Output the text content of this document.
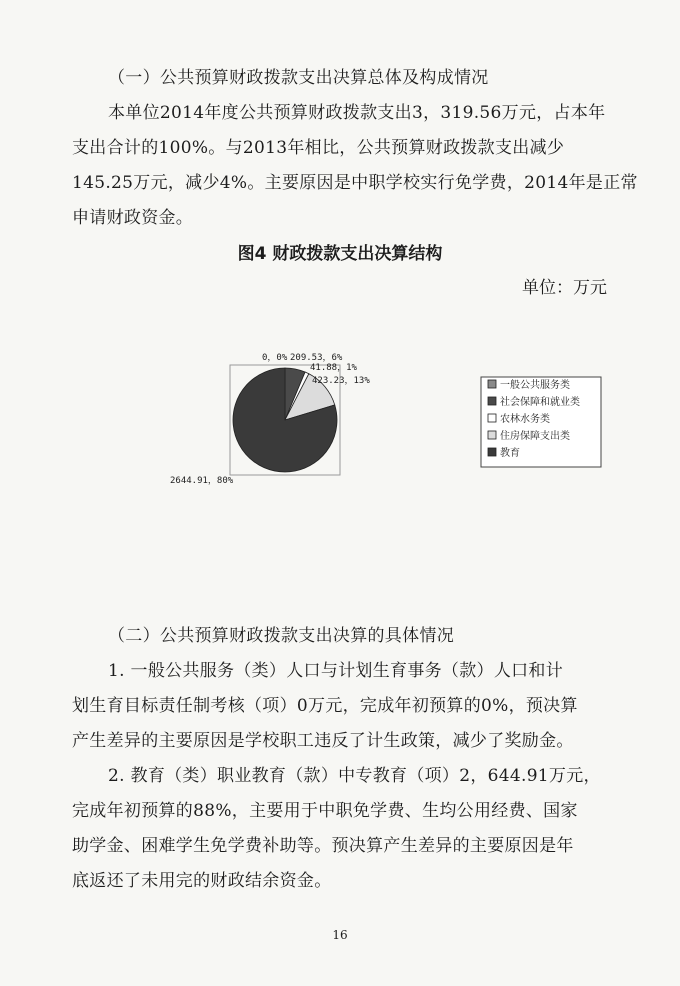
（一）公共预算财政拨款支出决算总体及构成情况
本单位2014年度公共预算财政拨款支出3，319.56万元，占本年
支出合计的100%。与2013年相比，公共预算财政拨款支出减少
145.25万元，减少4%。主要原因是中职学校实行免学费，2014年是正常
申请财政资金。
图4 财政拨款支出决算结构
单位：万元
0，0% 209.53，6%
41.88，1%
423.23，13%
2644.91，80%
一般公共服务类
社会保障和就业类
农林水务类
住房保障支出类
教育
（二）公共预算财政拨款支出决算的具体情况
1. 一般公共服务（类）人口与计划生育事务（款）人口和计
划生育目标责任制考核（项）0万元，完成年初预算的0%，预决算
产生差异的主要原因是学校职工违反了计生政策，减少了奖励金。
2. 教育（类）职业教育（款）中专教育（项）2，644.91万元，
完成年初预算的88%，主要用于中职免学费、生均公用经费、国家
助学金、困难学生免学费补助等。预决算产生差异的主要原因是年
底返还了未用完的财政结余资金。
16
